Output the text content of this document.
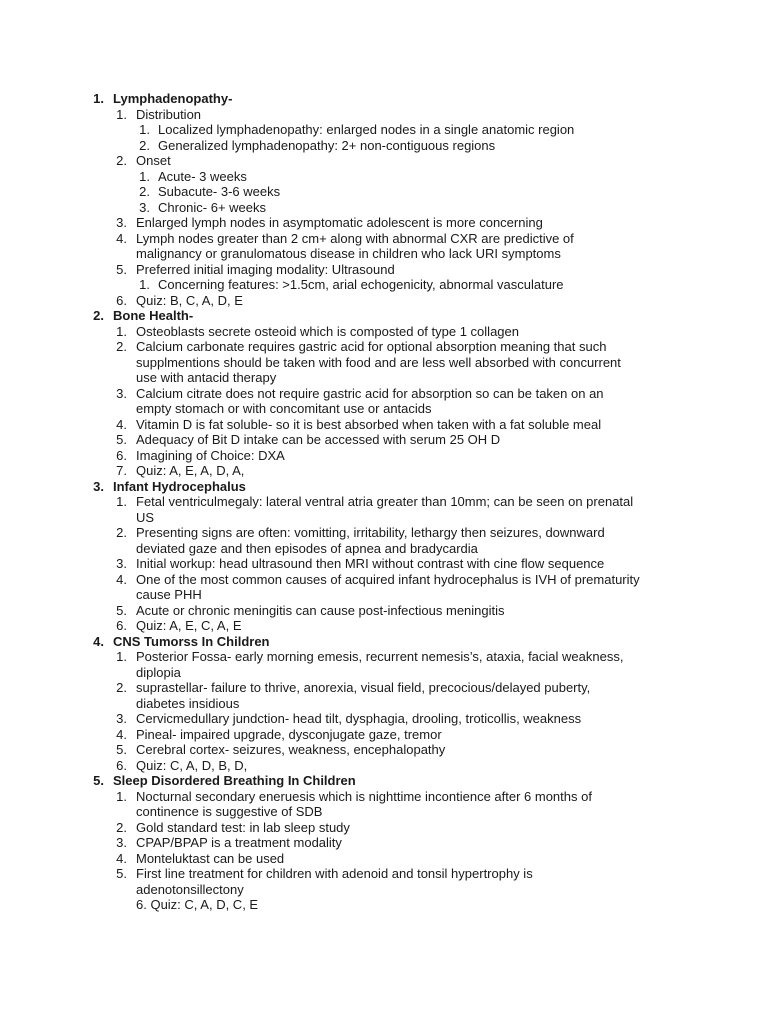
1. Lymphadenopathy-
1. Distribution
1. Localized lymphadenopathy: enlarged nodes in a single anatomic region
2. Generalized lymphadenopathy: 2+ non-contiguous regions
2. Onset
1. Acute- 3 weeks
2. Subacute- 3-6 weeks
3. Chronic- 6+ weeks
3. Enlarged lymph nodes in asymptomatic adolescent is more concerning
4. Lymph nodes greater than 2 cm+ along with abnormal CXR are predictive of
malignancy or granulomatous disease in children who lack URI symptoms
5. Preferred initial imaging modality: Ultrasound
1. Concerning features: >1.5cm, arial echogenicity, abnormal vasculature
6. Quiz: B, C, A, D, E
2. Bone Health-
1. Osteoblasts secrete osteoid which is composted of type 1 collagen
2. Calcium carbonate requires gastric acid for optional absorption meaning that such
supplmentions should be taken with food and are less well absorbed with concurrent
use with antacid therapy
3. Calcium citrate does not require gastric acid for absorption so can be taken on an
empty stomach or with concomitant use or antacids
4. Vitamin D is fat soluble- so it is best absorbed when taken with a fat soluble meal
5. Adequacy of Bit D intake can be accessed with serum 25 OH D
6. Imagining of Choice: DXA
7. Quiz: A, E, A, D, A,
3. Infant Hydrocephalus
1. Fetal ventriculmegaly: lateral ventral atria greater than 10mm; can be seen on prenatal
US
2. Presenting signs are often: vomitting, irritability, lethargy then seizures, downward
deviated gaze and then episodes of apnea and bradycardia
3. Initial workup: head ultrasound then MRI without contrast with cine flow sequence
4. One of the most common causes of acquired infant hydrocephalus is IVH of prematurity
cause PHH
5. Acute or chronic meningitis can cause post-infectious meningitis
6. Quiz: A, E, C, A, E
4. CNS Tumorss In Children
1. Posterior Fossa- early morning emesis, recurrent nemesis’s, ataxia, facial weakness,
diplopia
2. suprastellar- failure to thrive, anorexia, visual field, precocious/delayed puberty,
diabetes insidious
3. Cervicmedullary jundction- head tilt, dysphagia, drooling, troticollis, weakness
4. Pineal- impaired upgrade, dysconjugate gaze, tremor
5. Cerebral cortex- seizures, weakness, encephalopathy
6. Quiz: C, A, D, B, D,
5. Sleep Disordered Breathing In Children
1. Nocturnal secondary eneruesis which is nighttime incontience after 6 months of
continence is suggestive of SDB
2. Gold standard test: in lab sleep study
3. CPAP/BPAP is a treatment modality
4. Monteluktast can be used
5. First line treatment for children with adenoid and tonsil hypertrophy is
adenotonsillectony
6. Quiz: C, A, D, C, E
